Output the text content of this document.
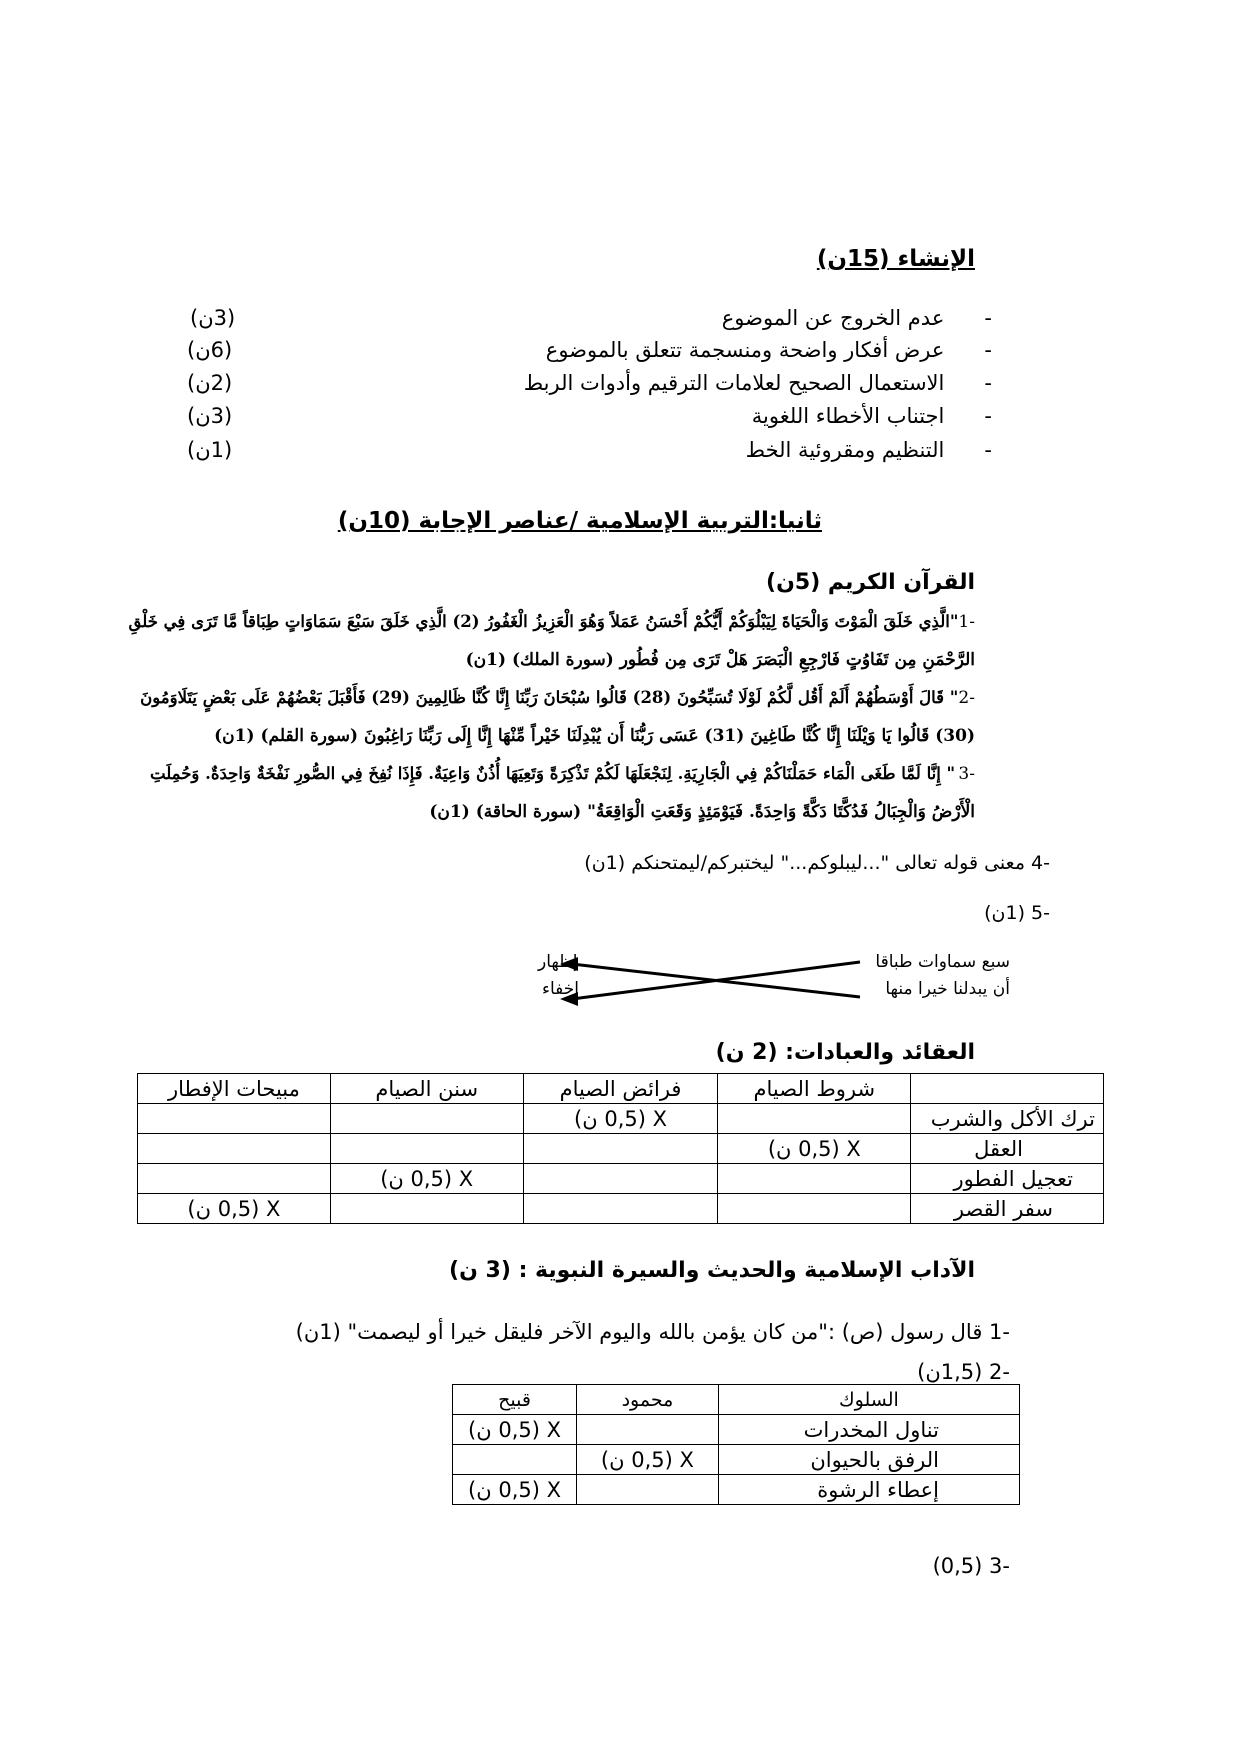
الإنشاء (15ن)
-      عدم الخروج عن الموضوع
(3ن)
-      عرض أفكار واضحة ومنسجمة تتعلق بالموضوع
(6ن)
-      الاستعمال الصحيح لعلامات الترقيم وأدوات الربط
(2ن)
-      اجتناب الأخطاء اللغوية
(3ن)
-      التنظيم ومقروئية الخط
(1ن)
ثانيا:التربية الإسلامية /عناصر الإجابة (10ن)
القرآن الكريم (5ن)
-1
"الَّذِي خَلَقَ الْمَوْتَ وَالْحَيَاةَ لِيَبْلُوَكُمْ أَيُّكُمْ أَحْسَنُ عَمَلاً وَهُوَ الْعَزِيزُ الْغَفُورُ (2) الَّذِي خَلَقَ سَبْعَ سَمَاوَاتٍ طِبَاقاً مَّا تَرَى فِي خَلْقِ
الرَّحْمَنِ مِن تَفَاوُتٍ فَارْجِعِ الْبَصَرَ هَلْ تَرَى مِن فُطُور (سورة الملك) (1ن)
-2
" قَالَ أَوْسَطُهُمْ أَلَمْ أَقُل لَّكُمْ لَوْلَا تُسَبِّحُونَ (28) قَالُوا سُبْحَانَ رَبِّنَا إِنَّا كُنَّا ظَالِمِينَ (29) فَأَقْبَلَ بَعْضُهُمْ عَلَى بَعْضٍ يَتَلَاوَمُونَ
(30) قَالُوا يَا وَيْلَنَا إِنَّا كُنَّا طَاغِينَ (31) عَسَى رَبُّنَا أَن يُبْدِلَنَا خَيْراً مِّنْهَا إِنَّا إِلَى رَبِّنَا رَاغِبُونَ (سورة القلم) (1ن)
-3
" إِنَّا لَمَّا طَغَى الْمَاء حَمَلْنَاكُمْ فِي الْجَارِيَةِ. لِنَجْعَلَهَا لَكُمْ تَذْكِرَةً وَتَعِيَهَا أُذُنٌ وَاعِيَةٌ. فَإِذَا نُفِخَ فِي الصُّورِ نَفْخَةٌ وَاحِدَةٌ. وَحُمِلَتِ
الْأَرْضُ وَالْجِبَالُ فَدُكَّتَا دَكَّةً وَاحِدَةً. فَيَوْمَئِذٍ وَقَعَتِ الْوَاقِعَةُ" (سورة الحاقة) (1ن)
-4 معنى قوله تعالى "...ليبلوكم..." ليختبركم/ليمتحنكم (1ن)
-5 (1ن)
سبع سماوات طباقا
أن يبدلنا خيرا منها
إظهار
إخفاء
العقائد والعبادات: (2 ن)
	شروط الصيام	فرائض الصيام	سنن الصيام	مبيحات الإفطار
ترك الأكل والشرب		X (0,5 ن)		
العقل	X (0,5 ن)			
تعجيل الفطور			X (0,5 ن)	
سفر القصر				X (0,5 ن)
الآداب الإسلامية والحديث والسيرة النبوية : (3 ن)
-1 قال رسول (ص) :"من كان يؤمن بالله واليوم الآخر فليقل خيرا أو ليصمت" (1ن)
-2 (1,5ن)
السلوك	محمود	قبيح
تناول المخدرات		X (0,5 ن)
الرفق بالحيوان	X (0,5 ن)	
إعطاء الرشوة		X (0,5 ن)
-3 (0,5)
